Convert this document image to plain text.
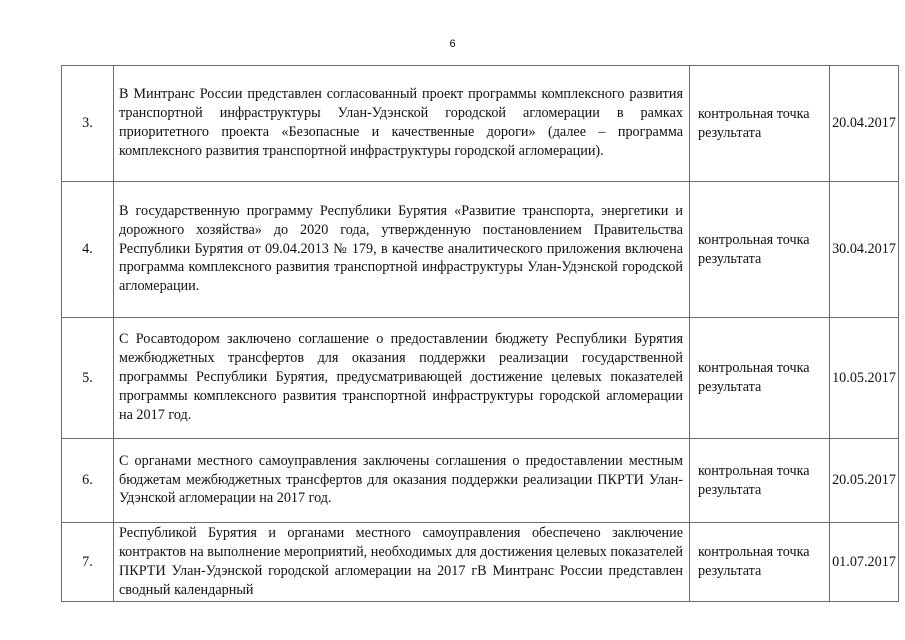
6
3.	В Минтранс России представлен согласованный проект программы комплексного развития транспортной инфраструктуры Улан-Удэнской городской агломерации в рамках приоритетного проекта «Безопасные и качественные дороги» (далее – программа комплексного развития транспортной инфраструктуры городской агломерации).	контрольная точка результата	20.04.2017
4.	В государственную программу Республики Бурятия «Развитие транспорта, энергетики и дорожного хозяйства» до 2020 года, утвержденную постановлением Правительства Республики Бурятия от 09.04.2013 № 179, в качестве аналитического приложения включена программа комплексного развития транспортной инфраструктуры Улан-Удэнской городской агломерации.	контрольная точка результата	30.04.2017
5.	С Росавтодором заключено соглашение о предоставлении бюджету Республики Бурятия межбюджетных трансфертов для оказания поддержки реализации государственной программы Республики Бурятия, предусматривающей достижение целевых показателей программы комплексного развития транспортной инфраструктуры городской агломерации на 2017 год.	контрольная точка результата	10.05.2017
6.	С органами местного самоуправления заключены соглашения о предоставлении местным бюджетам межбюджетных трансфертов для оказания поддержки реализации ПКРТИ Улан-Удэнской агломерации на 2017 год.	контрольная точка результата	20.05.2017
7.	Республикой Бурятия и органами местного самоуправления обеспечено заключение контрактов на выполнение мероприятий, необходимых для достижения целевых показателей ПКРТИ Улан-Удэнской городской агломерации на 2017 гВ Минтранс России представлен сводный календарный	контрольная точка результата	01.07.2017
